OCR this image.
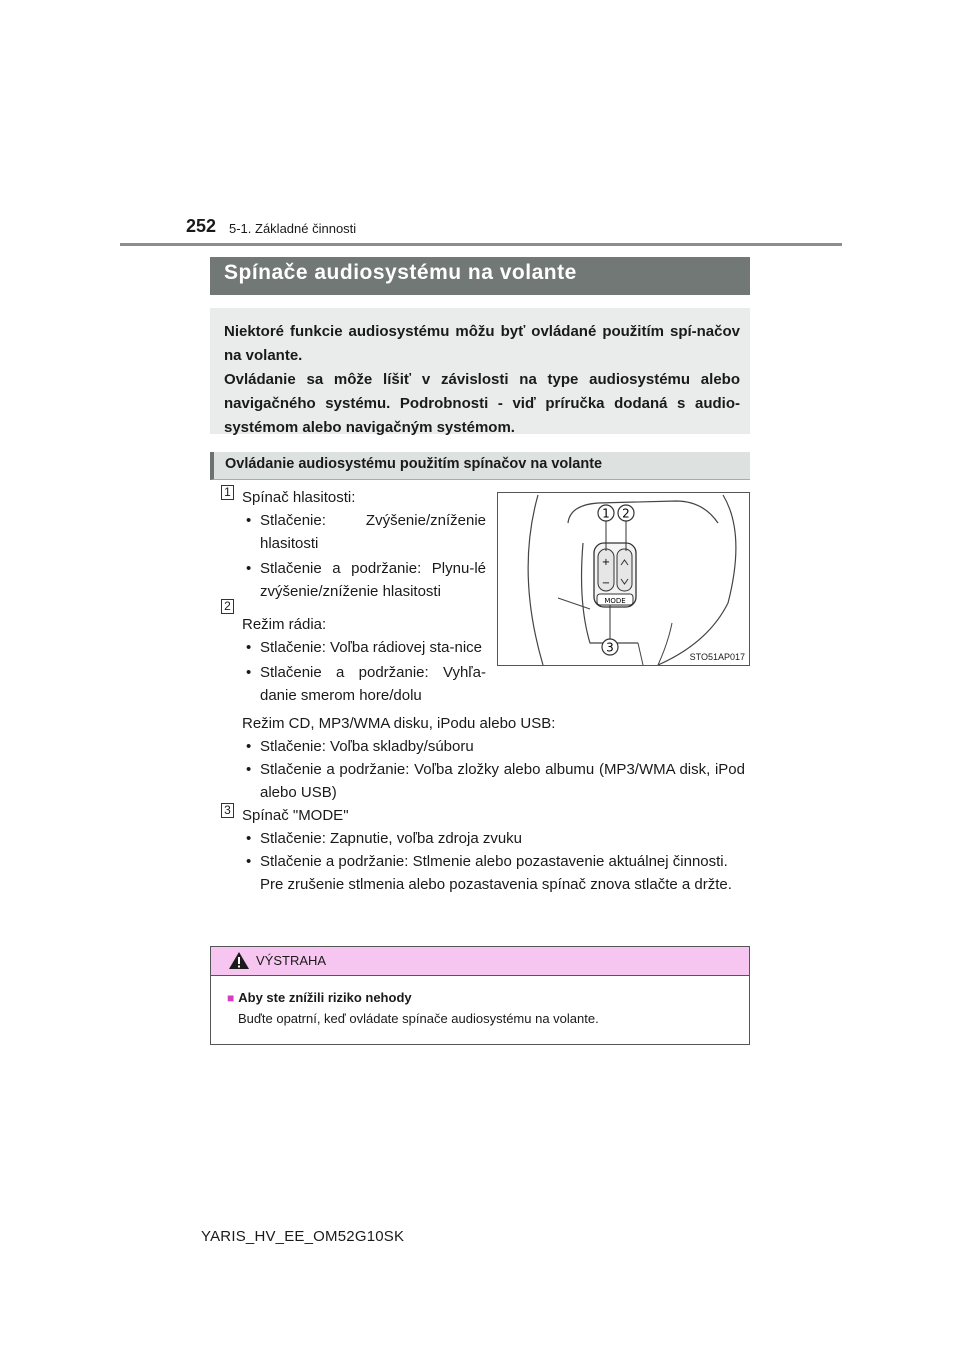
252 5-1. Základné činnosti
Spínače audiosystému na volante

Niektoré funkcie audiosystému môžu byť ovládané použitím spí-načov na volante.

Ovládanie sa môže líšiť v závislosti na type audiosystému alebo navigačného systému. Podrobnosti - viď príručka dodaná s audio-systémom alebo navigačným systémom.

Ovládanie audiosystému použitím spínačov na volante
1 Spínač hlasitosti:
• Stlačenie: Zvýšenie/zníženie hlasitosti
• Stlačenie a podržanie: Plynu-lé zvýšenie/zníženie hlasitosti
Režim rádia:
• Stlačenie: Voľba rádiovej sta-nice
• Stlačenie a podržanie: Vyhľa-danie smerom hore/dolu
2
Režim CD, MP3/WMA disku, iPodu alebo USB:
• Stlačenie: Voľba skladby/súboru
• Stlačenie a podržanie: Voľba zložky alebo albumu (MP3/WMA disk, iPod alebo USB)
3 Spínač "MODE"
• Stlačenie: Zapnutie, voľba zdroja zvuku
• Stlačenie a podržanie: Stlmenie alebo pozastavenie aktuálnej činnosti.
Pre zrušenie stlmenia alebo pozastavenia spínač znova stlačte a držte.
+
−
MODE
1 2
3
STO51AP017
VÝSTRAHA
■ Aby ste znížili riziko nehody
Buďte opatrní, keď ovládate spínače audiosystému na volante.
YARIS_HV_EE_OM52G10SK
